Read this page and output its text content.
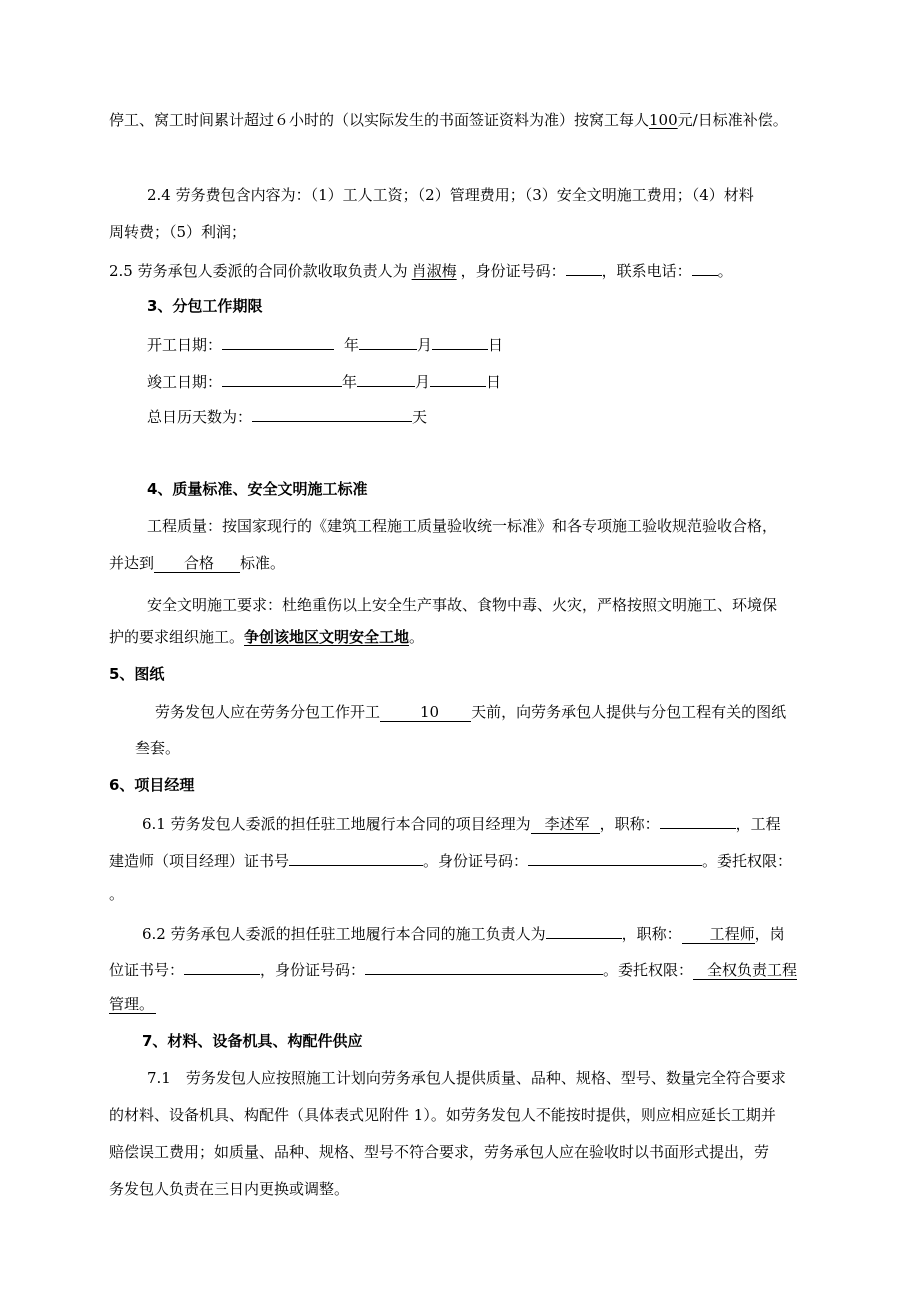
停工、窝工时间累计超过６小时的（以实际发生的书面签证资料为准）按窝工每人100元/日标准补偿。
2.4 劳务费包含内容为：（1）工人工资；（2）管理费用；（3）安全文明施工费用；（4）材料
周转费；（5）利润；
2.5 劳务承包人委派的合同价款收取负责人为 肖淑梅 ，身份证号码： ，联系电话： 。
3、分包工作期限
开工日期：	年	月	日
竣工日期：	年	月	日
总日历天数为：	天
4、质量标准、安全文明施工标准
工程质量：按国家现行的《建筑工程施工质量验收统一标准》和各专项施工验收规范验收合格，
并达到 合格 标准。
安全文明施工要求：杜绝重伤以上安全生产事故、食物中毒、火灾，严格按照文明施工、环境保
护的要求组织施工。争创该地区文明安全工地。
5、图纸
劳务发包人应在劳务分包工作开工	10 天前，向劳务承包人提供与分包工程有关的图纸
叁套。
6、项目经理
6.1 劳务发包人委派的担任驻工地履行本合同的项目经理为 李述军 ，职称：	，工程
建造师（项目经理）证书号	。身份证号码：	。委托权限：
。
6.2 劳务承包人委派的担任驻工地履行本合同的施工负责人为	，职称： 工程师，岗
位证书号：	，身份证号码：	。委托权限： 全权负责工程
管理。
7、材料、设备机具、构配件供应
7.1　劳务发包人应按照施工计划向劳务承包人提供质量、品种、规格、型号、数量完全符合要求
的材料、设备机具、构配件（具体表式见附件 1）。如劳务发包人不能按时提供，则应相应延长工期并
赔偿误工费用；如质量、品种、规格、型号不符合要求，劳务承包人应在验收时以书面形式提出，劳
务发包人负责在三日内更换或调整。
